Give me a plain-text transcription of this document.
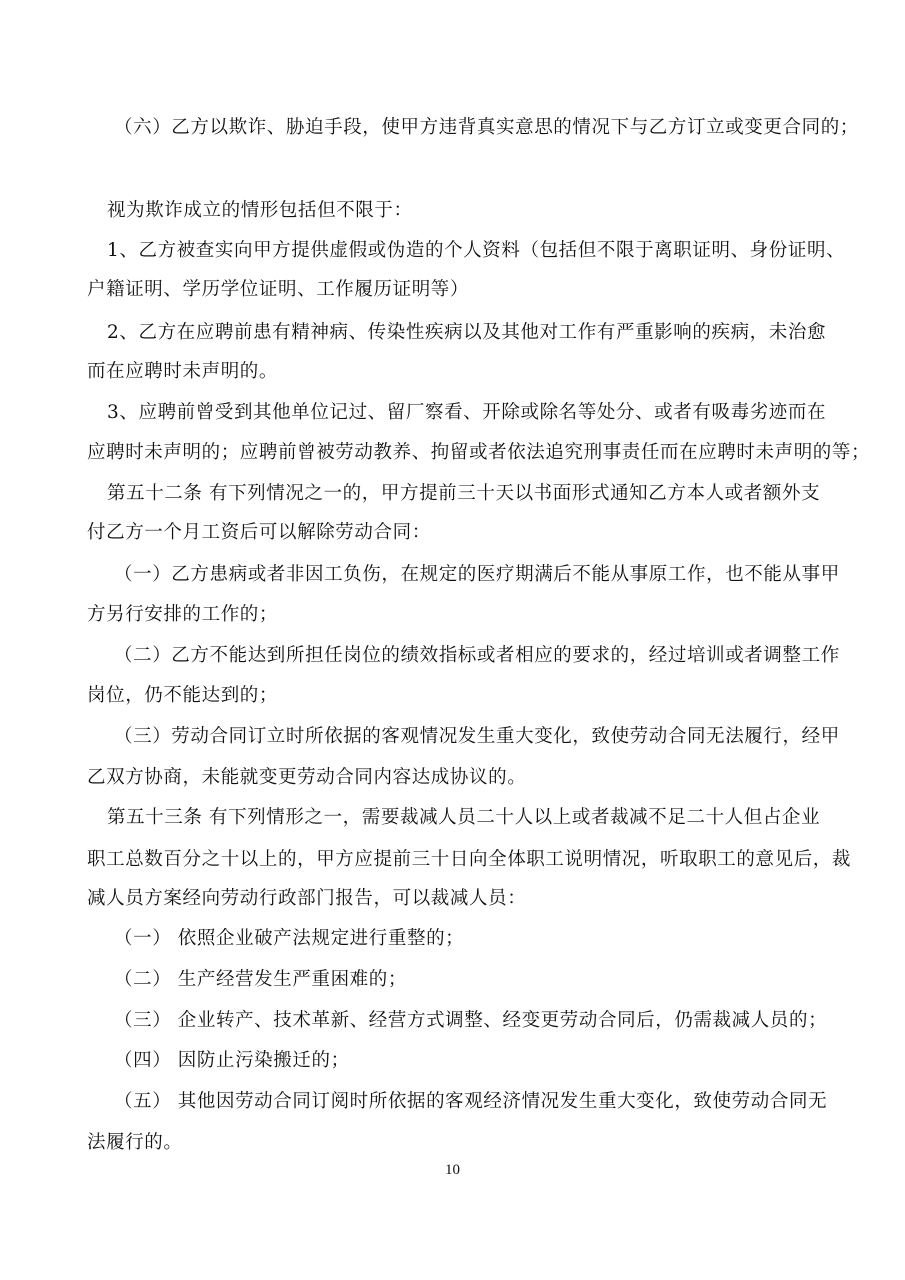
（六）乙方以欺诈、胁迫手段，使甲方违背真实意思的情况下与乙方订立或变更合同的；
视为欺诈成立的情形包括但不限于：
1、乙方被查实向甲方提供虚假或伪造的个人资料（包括但不限于离职证明、身份证明、
户籍证明、学历学位证明、工作履历证明等）
2、乙方在应聘前患有精神病、传染性疾病以及其他对工作有严重影响的疾病，未治愈
而在应聘时未声明的。
3、应聘前曾受到其他单位记过、留厂察看、开除或除名等处分、或者有吸毒劣迹而在
应聘时未声明的；应聘前曾被劳动教养、拘留或者依法追究刑事责任而在应聘时未声明的等；
第五十二条 有下列情况之一的，甲方提前三十天以书面形式通知乙方本人或者额外支
付乙方一个月工资后可以解除劳动合同：
（一）乙方患病或者非因工负伤，在规定的医疗期满后不能从事原工作，也不能从事甲
方另行安排的工作的；
（二）乙方不能达到所担任岗位的绩效指标或者相应的要求的，经过培训或者调整工作
岗位，仍不能达到的；
（三）劳动合同订立时所依据的客观情况发生重大变化，致使劳动合同无法履行，经甲
乙双方协商，未能就变更劳动合同内容达成协议的。
第五十三条 有下列情形之一，需要裁减人员二十人以上或者裁减不足二十人但占企业
职工总数百分之十以上的，甲方应提前三十日向全体职工说明情况，听取职工的意见后，裁
减人员方案经向劳动行政部门报告，可以裁减人员：
（一） 依照企业破产法规定进行重整的；
（二） 生产经营发生严重困难的；
（三） 企业转产、技术革新、经营方式调整、经变更劳动合同后，仍需裁减人员的；
（四） 因防止污染搬迁的；
（五） 其他因劳动合同订阅时所依据的客观经济情况发生重大变化，致使劳动合同无
法履行的。
10
